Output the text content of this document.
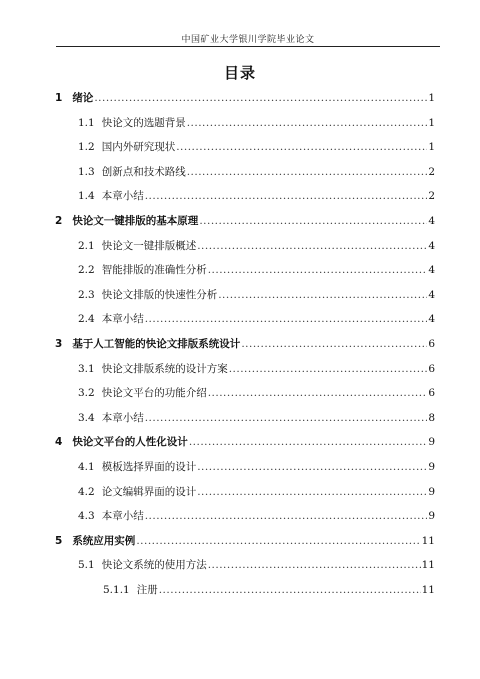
中国矿业大学银川学院毕业论文
目录
1 绪论 .....	1
1.1 快论文的选题背景 .....	1
1.2 国内外研究现状 .....	1
1.3 创新点和技术路线 .....	2
1.4 本章小结 .....	2
2 快论文一键排版的基本原理 .....	4
2.1 快论文一键排版概述 .....	4
2.2 智能排版的准确性分析 .....	4
2.3 快论文排版的快速性分析 .....	4
2.4 本章小结 .....	4
3 基于人工智能的快论文排版系统设计 .....	6
3.1 快论文排版系统的设计方案 .....	6
3.2 快论文平台的功能介绍 .....	6
3.4 本章小结 .....	8
4 快论文平台的人性化设计 .....	9
4.1 模板选择界面的设计 .....	9
4.2 论文编辑界面的设计 .....	9
4.3 本章小结 .....	9
5 系统应用实例 .....	11
5.1 快论文系统的使用方法 .....	11
5.1.1 注册 .....	11
